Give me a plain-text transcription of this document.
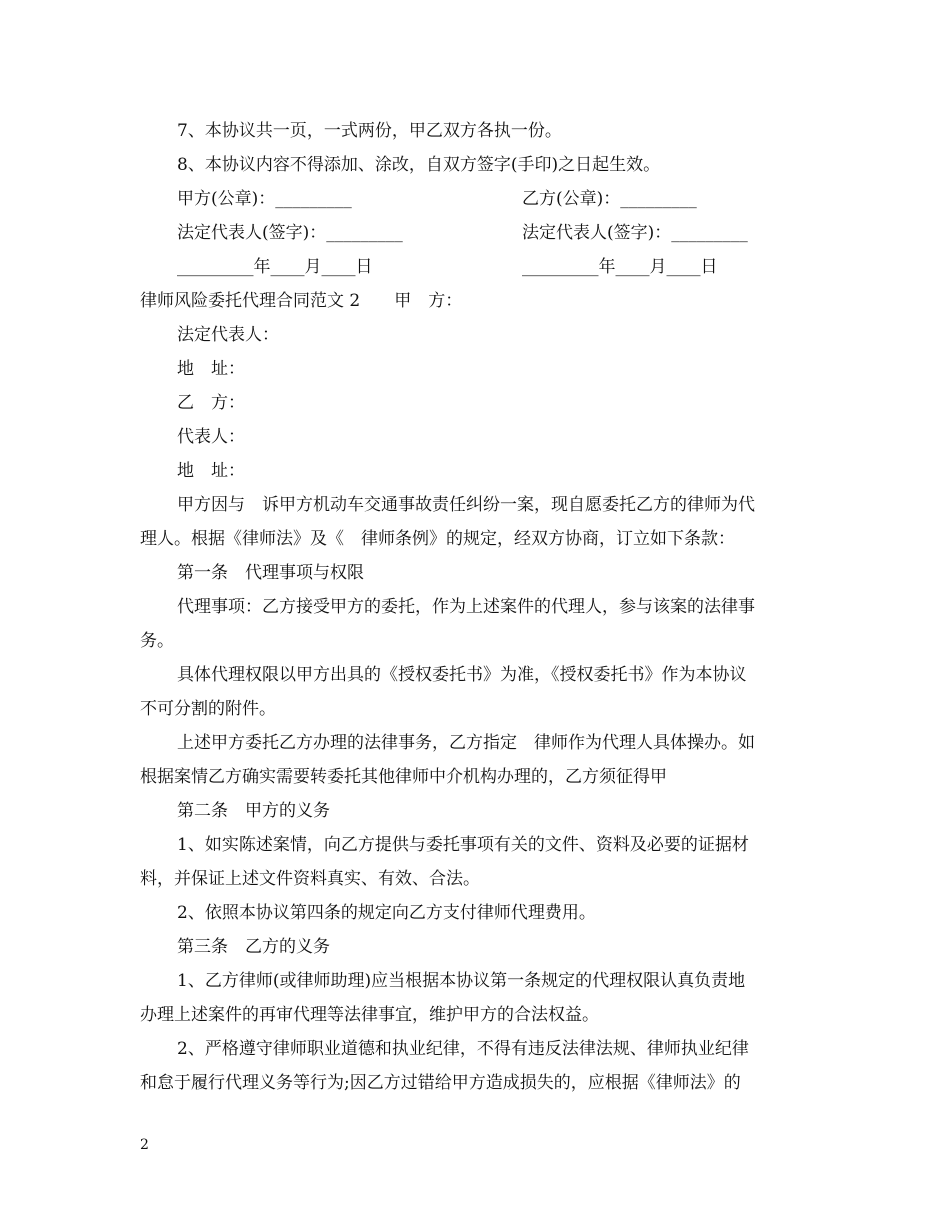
7、本协议共一页，一式两份，甲乙双方各执一份。
8、本协议内容不得添加、涂改，自双方签字(手印)之日起生效。
甲方(公章)：_________	乙方(公章)：_________
法定代表人(签字)：_________	法定代表人(签字)：_________
_________年____月____日	_________年____月____日
律师风险委托代理合同范文 2　　甲　方：
法定代表人：
地　址：
乙　方：
代表人：
地　址：
甲方因与　诉甲方机动车交通事故责任纠纷一案，现自愿委托乙方的律师为代
理人。根据《律师法》及《　律师条例》的规定，经双方协商，订立如下条款：
第一条　代理事项与权限
代理事项：乙方接受甲方的委托，作为上述案件的代理人，参与该案的法律事
务。
具体代理权限以甲方出具的《授权委托书》为准，《授权委托书》作为本协议
不可分割的附件。
上述甲方委托乙方办理的法律事务，乙方指定　律师作为代理人具体操办。如
根据案情乙方确实需要转委托其他律师中介机构办理的，乙方须征得甲
第二条　甲方的义务
1、如实陈述案情，向乙方提供与委托事项有关的文件、资料及必要的证据材
料，并保证上述文件资料真实、有效、合法。
2、依照本协议第四条的规定向乙方支付律师代理费用。
第三条　乙方的义务
1、乙方律师(或律师助理)应当根据本协议第一条规定的代理权限认真负责地
办理上述案件的再审代理等法律事宜，维护甲方的合法权益。
2、严格遵守律师职业道德和执业纪律，不得有违反法律法规、律师执业纪律
和怠于履行代理义务等行为;因乙方过错给甲方造成损失的，应根据《律师法》的
2
